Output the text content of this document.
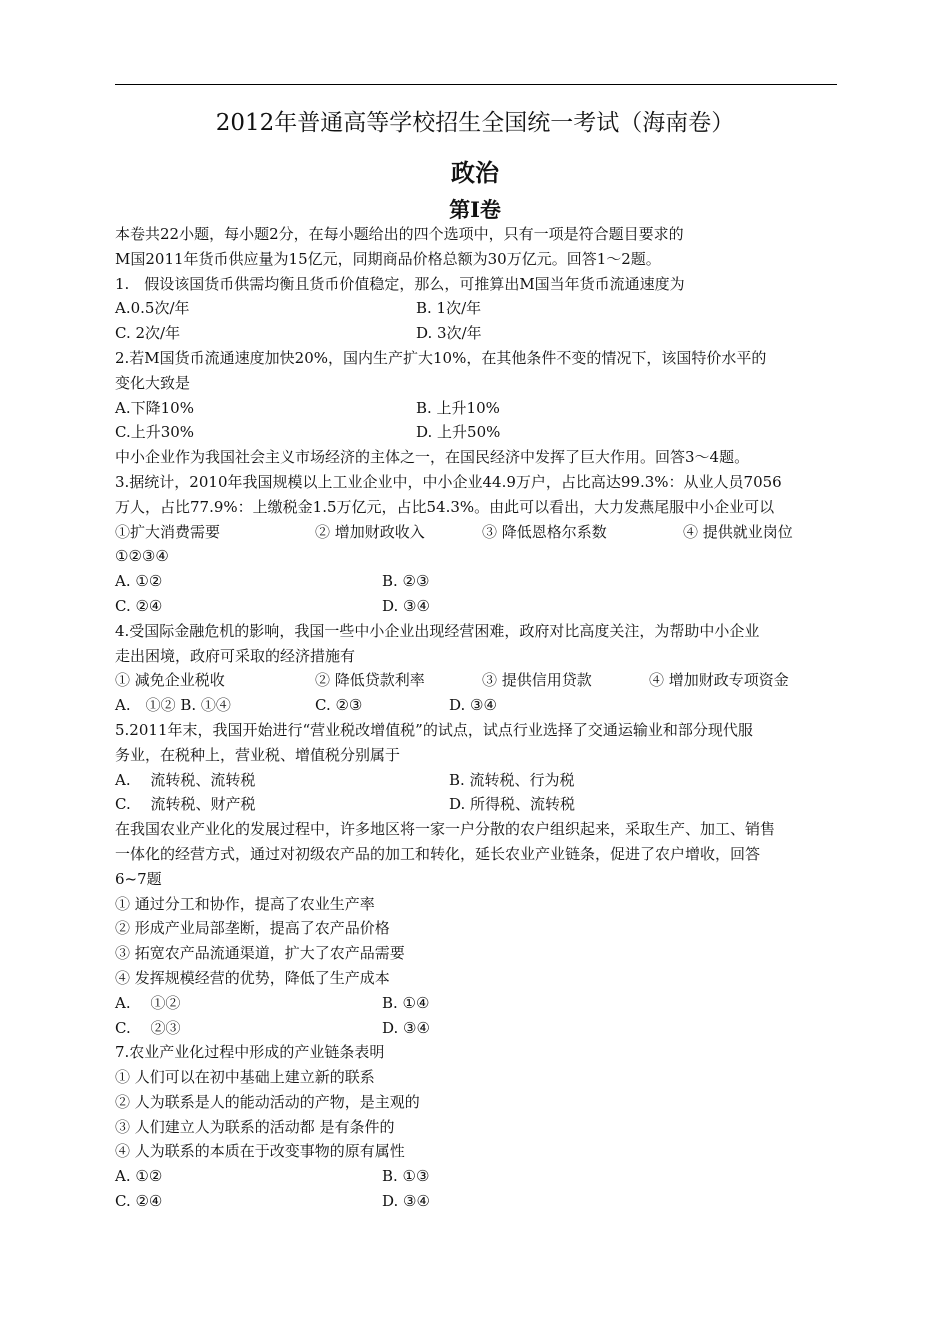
2012年普通高等学校招生全国统一考试（海南卷）
政治
第Ⅰ卷
本卷共22小题，每小题2分，在每小题给出的四个选项中，只有一项是符合题目要求的
M国2011年货币供应量为15亿元，同期商品价格总额为30万亿元。回答1～2题。
1.　假设该国货币供需均衡且货币价值稳定，那么，可推算出M国当年货币流通速度为
A.0.5次/年	B. 1次/年
C. 2次/年	D. 3次/年
2.若M国货币流通速度加快20%，国内生产扩大10%，在其他条件不变的情况下，该国特价水平的
变化大致是
A.下降10%	B. 上升10%
C.上升30%	D. 上升50%
中小企业作为我国社会主义市场经济的主体之一，在国民经济中发挥了巨大作用。回答3～4题。
3.据统计，2010年我国规模以上工业企业中，中小企业44.9万户，占比高达99.3%：从业人员7056
万人，占比77.9%：上缴税金1.5万亿元，占比54.3%。由此可以看出，大力发燕尾服中小企业可以
①扩大消费需要	② 增加财政收入	③ 降低恩格尔系数	④ 提供就业岗位
①②③④
A. ①②	B. ②③
C. ②④	D. ③④
4.受国际金融危机的影响，我国一些中小企业出现经营困难，政府对比高度关注，为帮助中小企业
走出困境，政府可采取的经济措施有
① 减免企业税收	② 降低贷款利率	③ 提供信用贷款	④ 增加财政专项资金
A.　①② B. ①④	C. ②③	D. ③④
5.2011年末，我国开始进行“营业税改增值税”的试点，试点行业选择了交通运输业和部分现代服
务业，在税种上，营业税、增值税分别属于
A.　 流转税、流转税	B. 流转税、行为税
C.　 流转税、财产税	D. 所得税、流转税
在我国农业产业化的发展过程中，许多地区将一家一户分散的农户组织起来，采取生产、加工、销售
一体化的经营方式，通过对初级农产品的加工和转化，延长农业产业链条，促进了农户增收，回答
6~7题
① 通过分工和协作，提高了农业生产率
② 形成产业局部垄断，提高了农产品价格
③ 拓宽农产品流通渠道，扩大了农产品需要
④ 发挥规模经营的优势，降低了生产成本
A.　 ①②	B. ①④
C.　 ②③	D. ③④
7.农业产业化过程中形成的产业链条表明
① 人们可以在初中基础上建立新的联系
② 人为联系是人的能动活动的产物，是主观的
③ 人们建立人为联系的活动都 是有条件的
④ 人为联系的本质在于改变事物的原有属性
A. ①②	B. ①③
C. ②④	D. ③④
